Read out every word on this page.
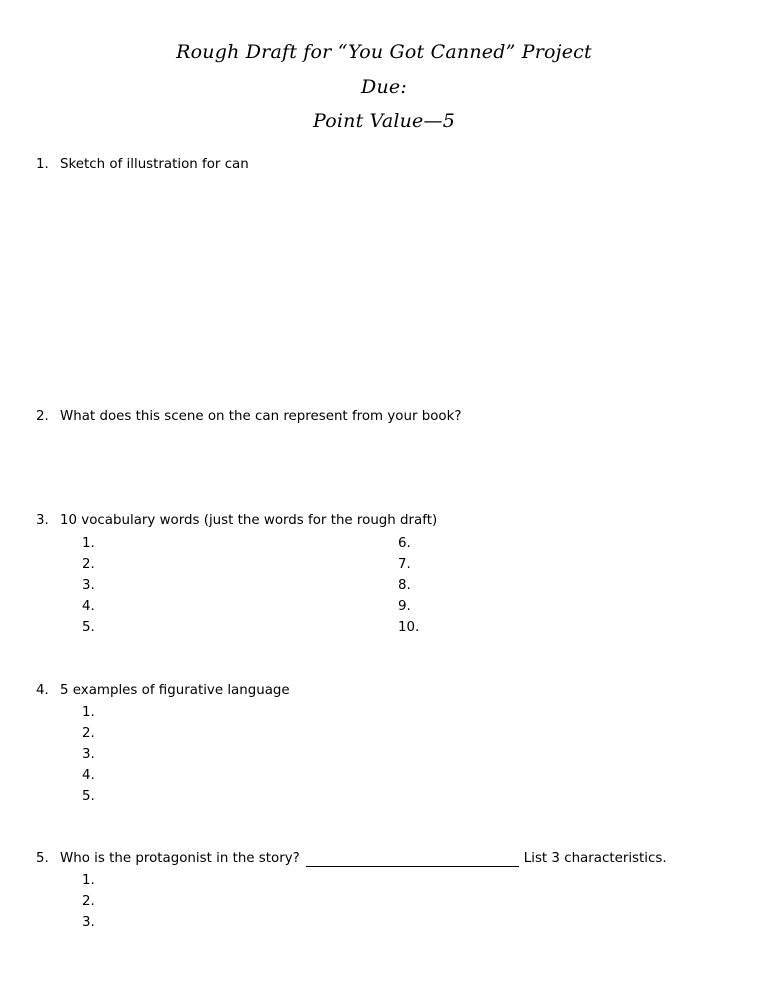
Rough Draft for “You Got Canned” Project
Due:
Point Value—5
1. Sketch of illustration for can
2. What does this scene on the can represent from your book?
3. 10 vocabulary words (just the words for the rough draft)
1.
2.
3.
4.
5.
6.
7.
8.
9.
10.
4. 5 examples of figurative language
1.
2.
3.
4.
5.
5. Who is the protagonist in the story?	List 3 characteristics.
1.
2.
3.
